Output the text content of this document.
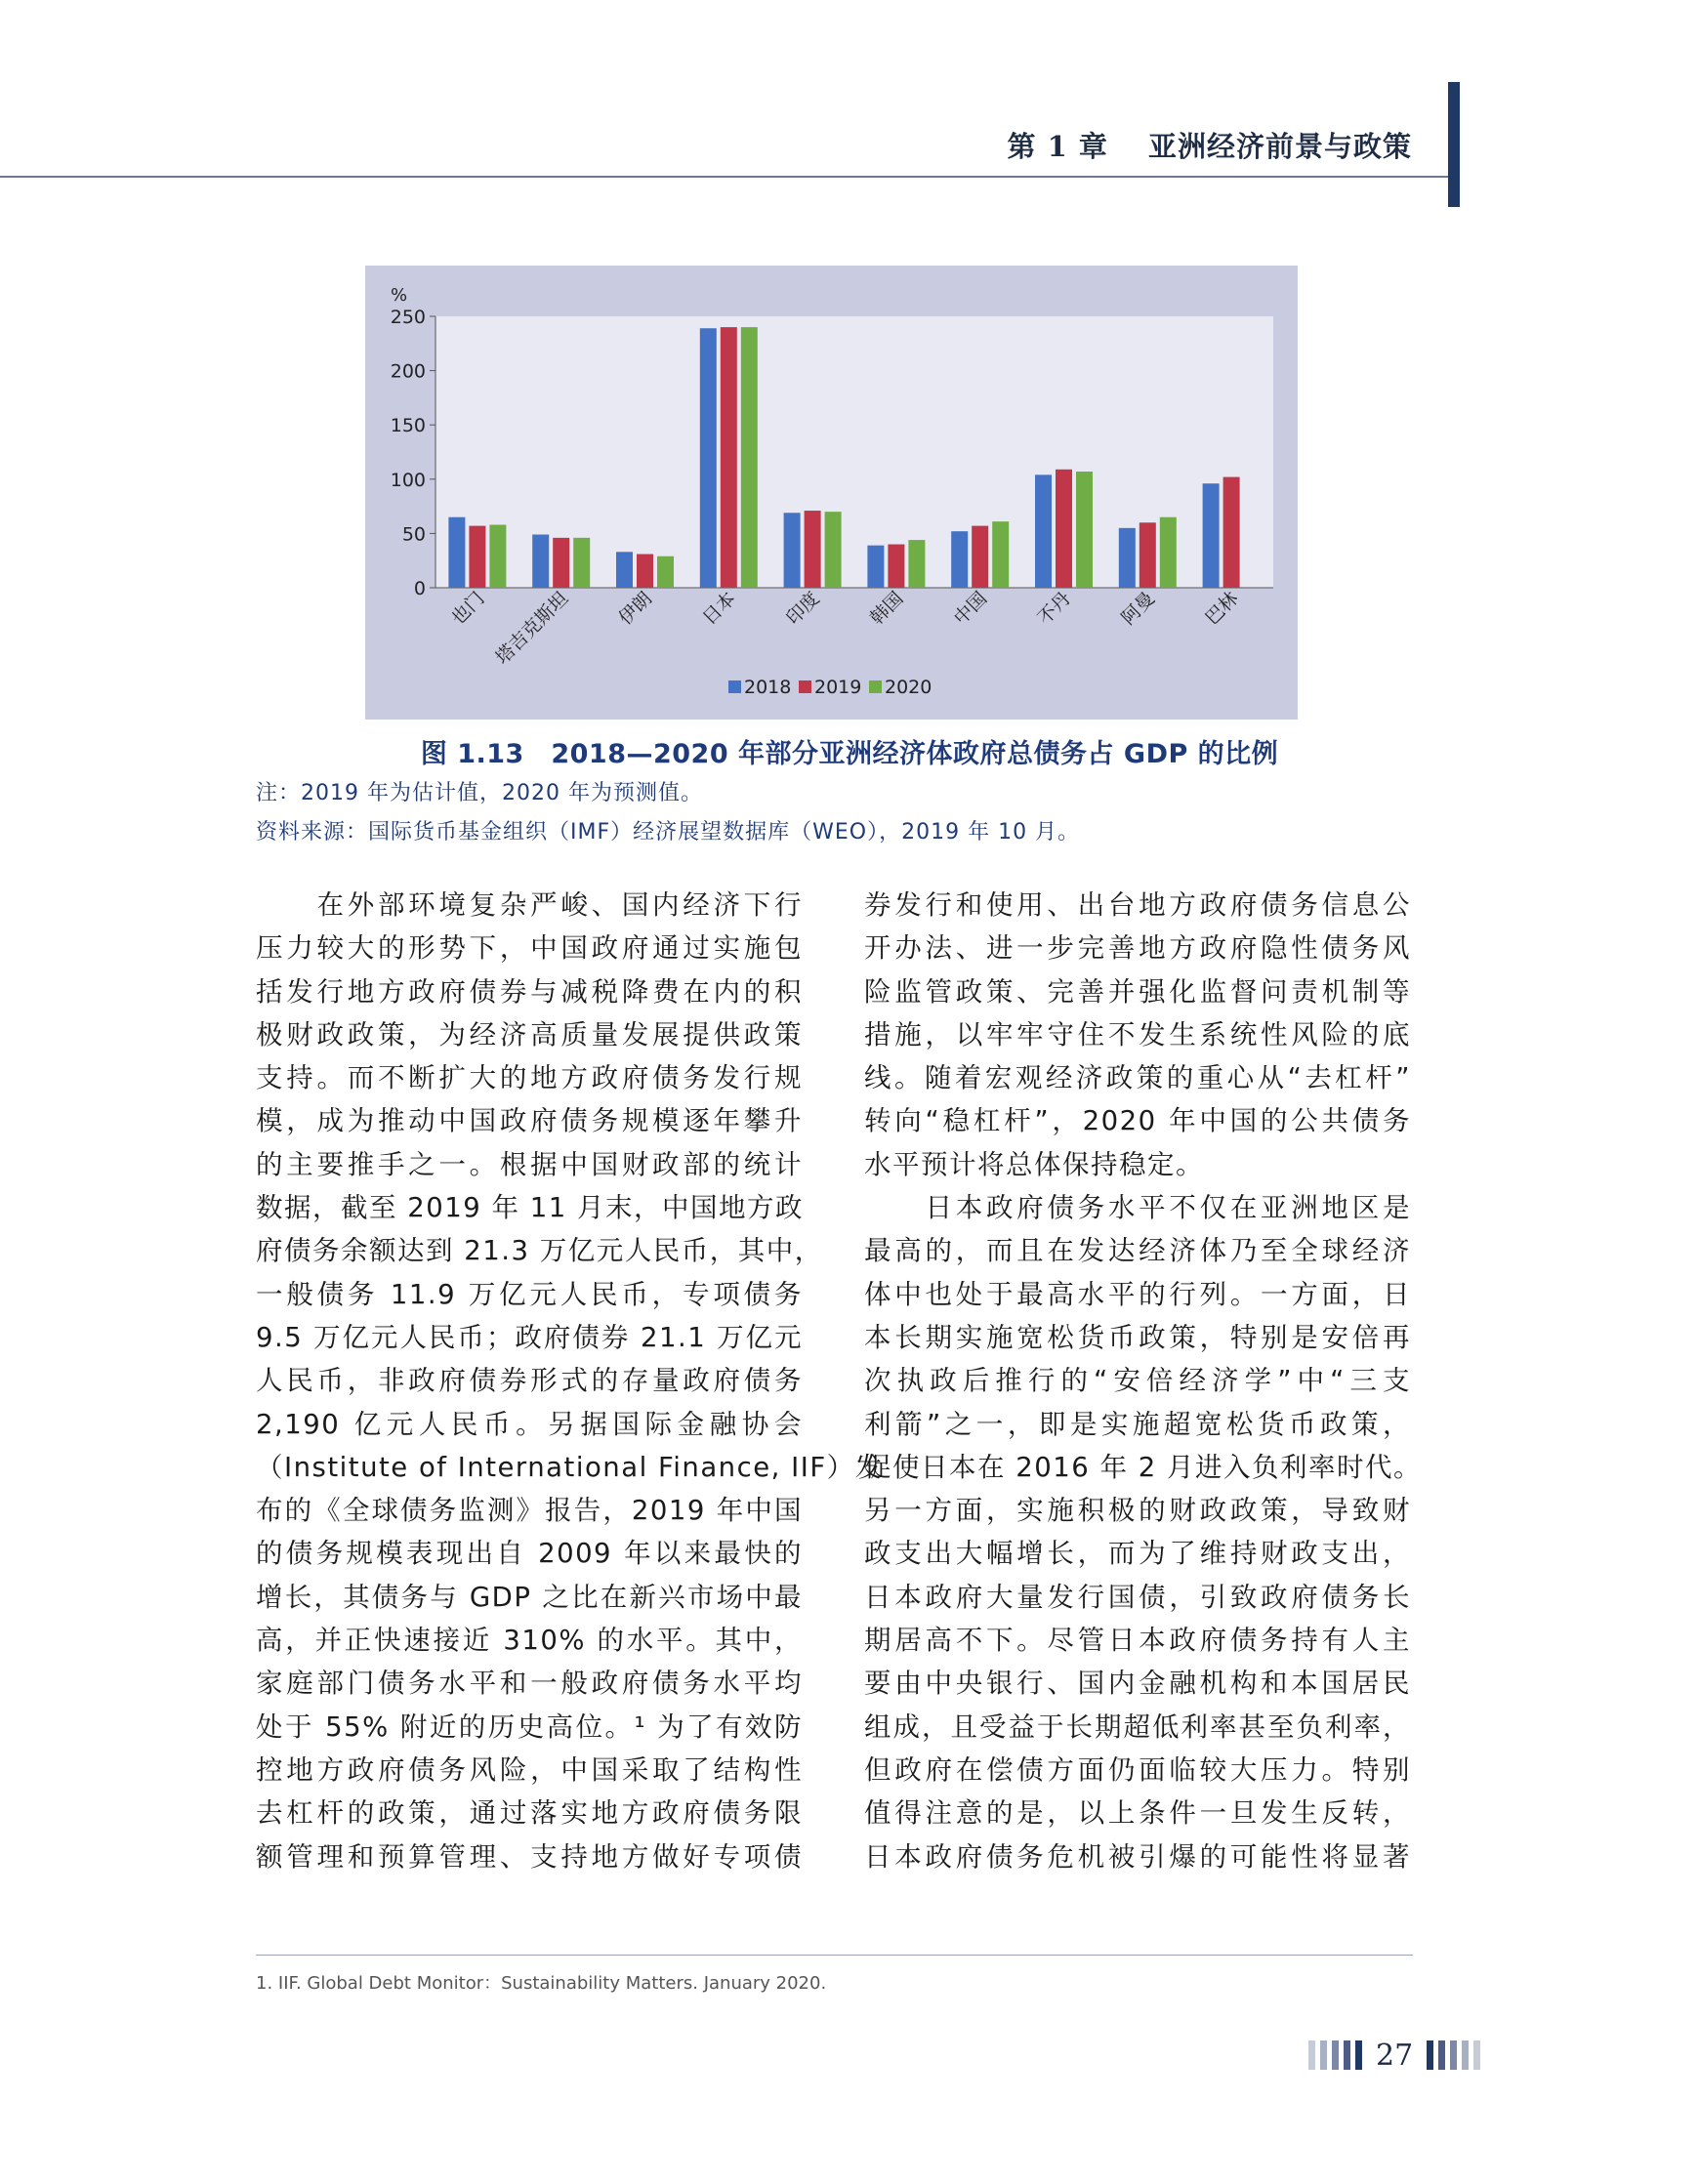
第 1 章　 亚洲经济前景与政策
%
0
50
100
150
200
250
也门 塔吉克斯坦 伊朗 日本 印度 韩国 中国 不丹 阿曼 巴林
2018 2019 2020
图 1.13　2018—2020 年部分亚洲经济体政府总债务占 GDP 的比例
注：2019 年为估计值，2020 年为预测值。
资料来源：国际货币基金组织（IMF）经济展望数据库（WEO），2019 年 10 月。
　　在外部环境复杂严峻、国内经济下行
压力较大的形势下，中国政府通过实施包
括发行地方政府债券与减税降费在内的积
极财政政策，为经济高质量发展提供政策
支持。而不断扩大的地方政府债务发行规
模，成为推动中国政府债务规模逐年攀升
的主要推手之一。根据中国财政部的统计
数据，截至 2019 年 11 月末，中国地方政
府债务余额达到 21.3 万亿元人民币，其中，
一般债务 11.9 万亿元人民币，专项债务
9.5 万亿元人民币；政府债券 21.1 万亿元
人民币，非政府债券形式的存量政府债务
2,190 亿元人民币。另据国际金融协会
（Institute of International Finance, IIF）发
布的《全球债务监测》报告，2019 年中国
的债务规模表现出自 2009 年以来最快的
增长，其债务与 GDP 之比在新兴市场中最
高，并正快速接近 310% 的水平。其中，
家庭部门债务水平和一般政府债务水平均
处于 55% 附近的历史高位。¹ 为了有效防
控地方政府债务风险，中国采取了结构性
去杠杆的政策，通过落实地方政府债务限
额管理和预算管理、支持地方做好专项债
券发行和使用、出台地方政府债务信息公
开办法、进一步完善地方政府隐性债务风
险监管政策、完善并强化监督问责机制等
措施，以牢牢守住不发生系统性风险的底
线。随着宏观经济政策的重心从“去杠杆”
转向“稳杠杆”，2020 年中国的公共债务
水平预计将总体保持稳定。
　　日本政府债务水平不仅在亚洲地区是
最高的，而且在发达经济体乃至全球经济
体中也处于最高水平的行列。一方面，日
本长期实施宽松货币政策，特别是安倍再
次执政后推行的“安倍经济学”中“三支
利箭”之一，即是实施超宽松货币政策，
促使日本在 2016 年 2 月进入负利率时代。
另一方面，实施积极的财政政策，导致财
政支出大幅增长，而为了维持财政支出，
日本政府大量发行国债，引致政府债务长
期居高不下。尽管日本政府债务持有人主
要由中央银行、国内金融机构和本国居民
组成，且受益于长期超低利率甚至负利率，
但政府在偿债方面仍面临较大压力。特别
值得注意的是，以上条件一旦发生反转，
日本政府债务危机被引爆的可能性将显著
1. IIF. Global Debt Monitor：Sustainability Matters. January 2020.
27
